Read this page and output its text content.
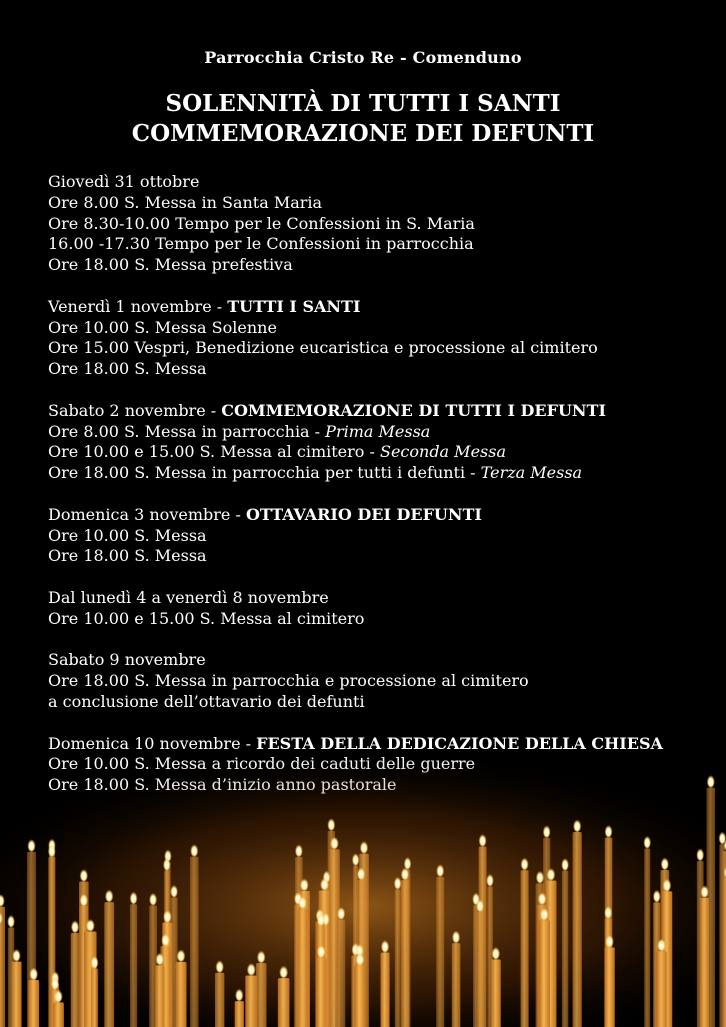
Parrocchia Cristo Re - Comenduno
SOLENNITÀ DI TUTTI I SANTI
COMMEMORAZIONE DEI DEFUNTI
Giovedì 31 ottobre
Ore 8.00 S. Messa in Santa Maria
Ore 8.30-10.00 Tempo per le Confessioni in S. Maria
16.00 -17.30 Tempo per le Confessioni in parrocchia
Ore 18.00 S. Messa prefestiva
Venerdì 1 novembre - TUTTI I SANTI
Ore 10.00 S. Messa Solenne
Ore 15.00 Vespri, Benedizione eucaristica e processione al cimitero
Ore 18.00 S. Messa
Sabato 2 novembre - COMMEMORAZIONE DI TUTTI I DEFUNTI
Ore 8.00 S. Messa in parrocchia - Prima Messa
Ore 10.00 e 15.00 S. Messa al cimitero - Seconda Messa
Ore 18.00 S. Messa in parrocchia per tutti i defunti - Terza Messa
Domenica 3 novembre - OTTAVARIO DEI DEFUNTI
Ore 10.00 S. Messa
Ore 18.00 S. Messa
Dal lunedì 4 a venerdì 8 novembre
Ore 10.00 e 15.00 S. Messa al cimitero
Sabato 9 novembre
Ore 18.00 S. Messa in parrocchia e processione al cimitero
a conclusione dell’ottavario dei defunti
Domenica 10 novembre - FESTA DELLA DEDICAZIONE DELLA CHIESA
